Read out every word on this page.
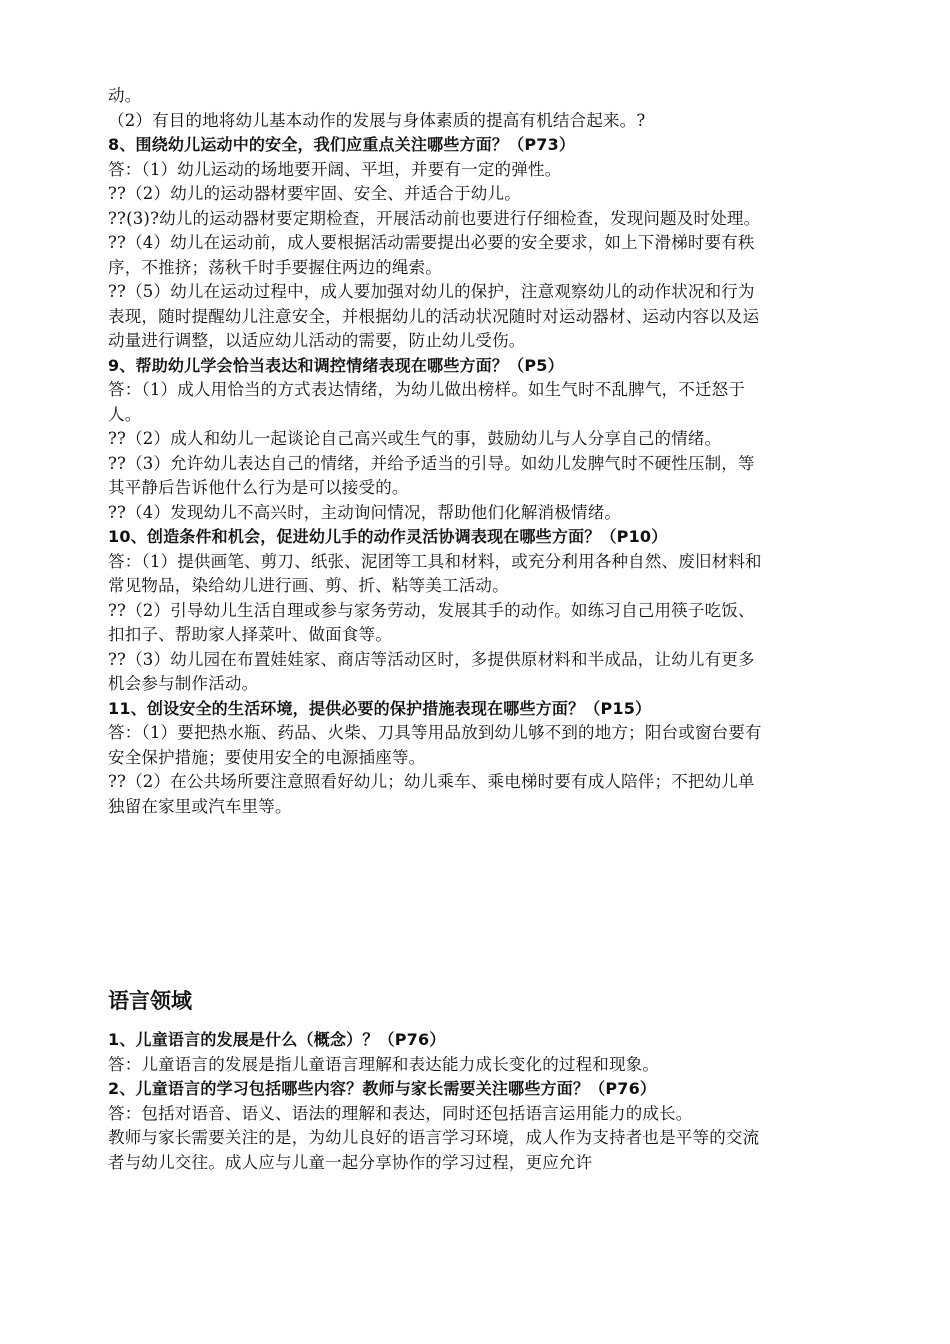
动。

（2）有目的地将幼儿基本动作的发展与身体素质的提高有机结合起来。?

8、围绕幼儿运动中的安全，我们应重点关注哪些方面？（P73）

答：（1）幼儿运动的场地要开阔、平坦，并要有一定的弹性。

??（2）幼儿的运动器材要牢固、安全、并适合于幼儿。

??(3)?幼儿的运动器材要定期检查，开展活动前也要进行仔细检查，发现问题及时处理。

??（4）幼儿在运动前，成人要根据活动需要提出必要的安全要求，如上下滑梯时要有秩序，不推挤；荡秋千时手要握住两边的绳索。

??（5）幼儿在运动过程中，成人要加强对幼儿的保护，注意观察幼儿的动作状况和行为表现，随时提醒幼儿注意安全，并根据幼儿的活动状况随时对运动器材、运动内容以及运动量进行调整，以适应幼儿活动的需要，防止幼儿受伤。

9、帮助幼儿学会恰当表达和调控情绪表现在哪些方面？（P5）

答：（1）成人用恰当的方式表达情绪，为幼儿做出榜样。如生气时不乱脾气，不迁怒于人。

??（2）成人和幼儿一起谈论自己高兴或生气的事，鼓励幼儿与人分享自己的情绪。

??（3）允许幼儿表达自己的情绪，并给予适当的引导。如幼儿发脾气时不硬性压制，等其平静后告诉他什么行为是可以接受的。

??（4）发现幼儿不高兴时，主动询问情况，帮助他们化解消极情绪。

10、创造条件和机会，促进幼儿手的动作灵活协调表现在哪些方面？（P10）

答：（1）提供画笔、剪刀、纸张、泥团等工具和材料，或充分利用各种自然、废旧材料和常见物品，染给幼儿进行画、剪、折、粘等美工活动。

??（2）引导幼儿生活自理或参与家务劳动，发展其手的动作。如练习自己用筷子吃饭、扣扣子、帮助家人择菜叶、做面食等。

??（3）幼儿园在布置娃娃家、商店等活动区时，多提供原材料和半成品，让幼儿有更多机会参与制作活动。

11、创设安全的生活环境，提供必要的保护措施表现在哪些方面？（P15）

答：（1）要把热水瓶、药品、火柴、刀具等用品放到幼儿够不到的地方；阳台或窗台要有安全保护措施；要使用安全的电源插座等。

??（2）在公共场所要注意照看好幼儿；幼儿乘车、乘电梯时要有成人陪伴；不把幼儿单独留在家里或汽车里等。

语言领域

1、儿童语言的发展是什么（概念）？（P76）

答：儿童语言的发展是指儿童语言理解和表达能力成长变化的过程和现象。

2、儿童语言的学习包括哪些内容？教师与家长需要关注哪些方面？（P76）

答：包括对语音、语义、语法的理解和表达，同时还包括语言运用能力的成长。

教师与家长需要关注的是，为幼儿良好的语言学习环境，成人作为支持者也是平等的交流者与幼儿交往。成人应与儿童一起分享协作的学习过程，更应允许
